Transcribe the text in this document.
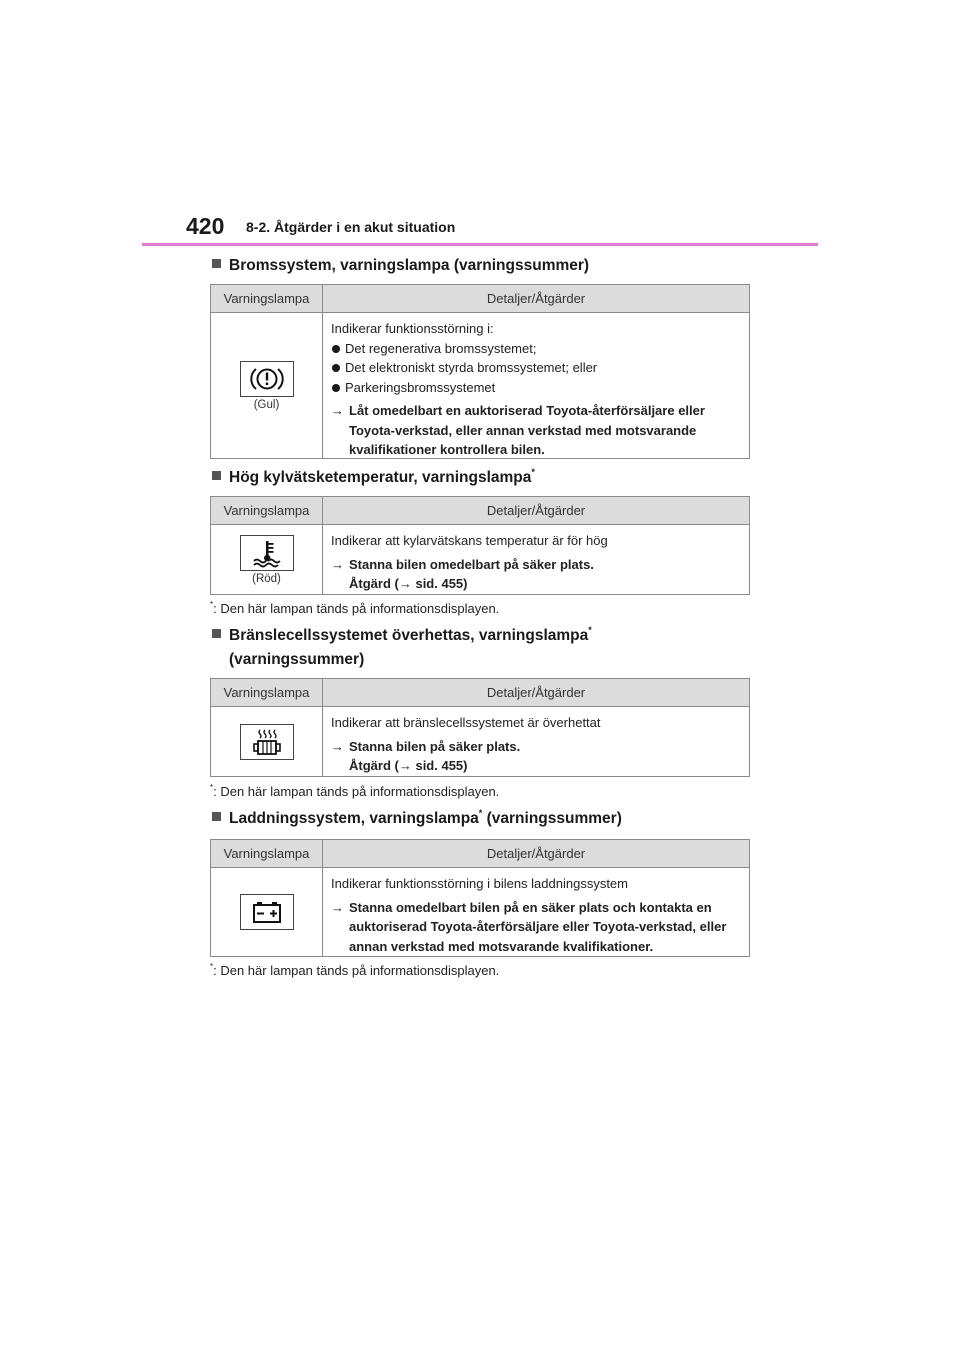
420 8-2. Åtgärder i en akut situation
Bromssystem, varningslampa (varningssummer)
Varningslampa	Detaljer/Åtgärder
(Gul)
Indikerar funktionsstörning i:
Det regenerativa bromssystemet;
Det elektroniskt styrda bromssystemet; eller
Parkeringsbromssystemet
→ Låt omedelbart en auktoriserad Toyota-återförsäljare eller Toyota-verkstad, eller annan verkstad med motsvarande kvalifikationer kontrollera bilen.
Hög kylvätsketemperatur, varningslampa*
Varningslampa	Detaljer/Åtgärder
(Röd)
Indikerar att kylarvätskans temperatur är för hög
→ Stanna bilen omedelbart på säker plats.
Åtgärd (→ sid. 455)
*: Den här lampan tänds på informationsdisplayen.
Bränslecellssystemet överhettas, varningslampa*
(varningssummer)
Varningslampa	Detaljer/Åtgärder
Indikerar att bränslecellssystemet är överhettat
→ Stanna bilen på säker plats.
Åtgärd (→ sid. 455)
*: Den här lampan tänds på informationsdisplayen.
Laddningssystem, varningslampa* (varningssummer)
Varningslampa	Detaljer/Åtgärder
Indikerar funktionsstörning i bilens laddningssystem
→ Stanna omedelbart bilen på en säker plats och kontakta en auktoriserad Toyota-återförsäljare eller Toyota-verkstad, eller annan verkstad med motsvarande kvalifikationer.
*: Den här lampan tänds på informationsdisplayen.
